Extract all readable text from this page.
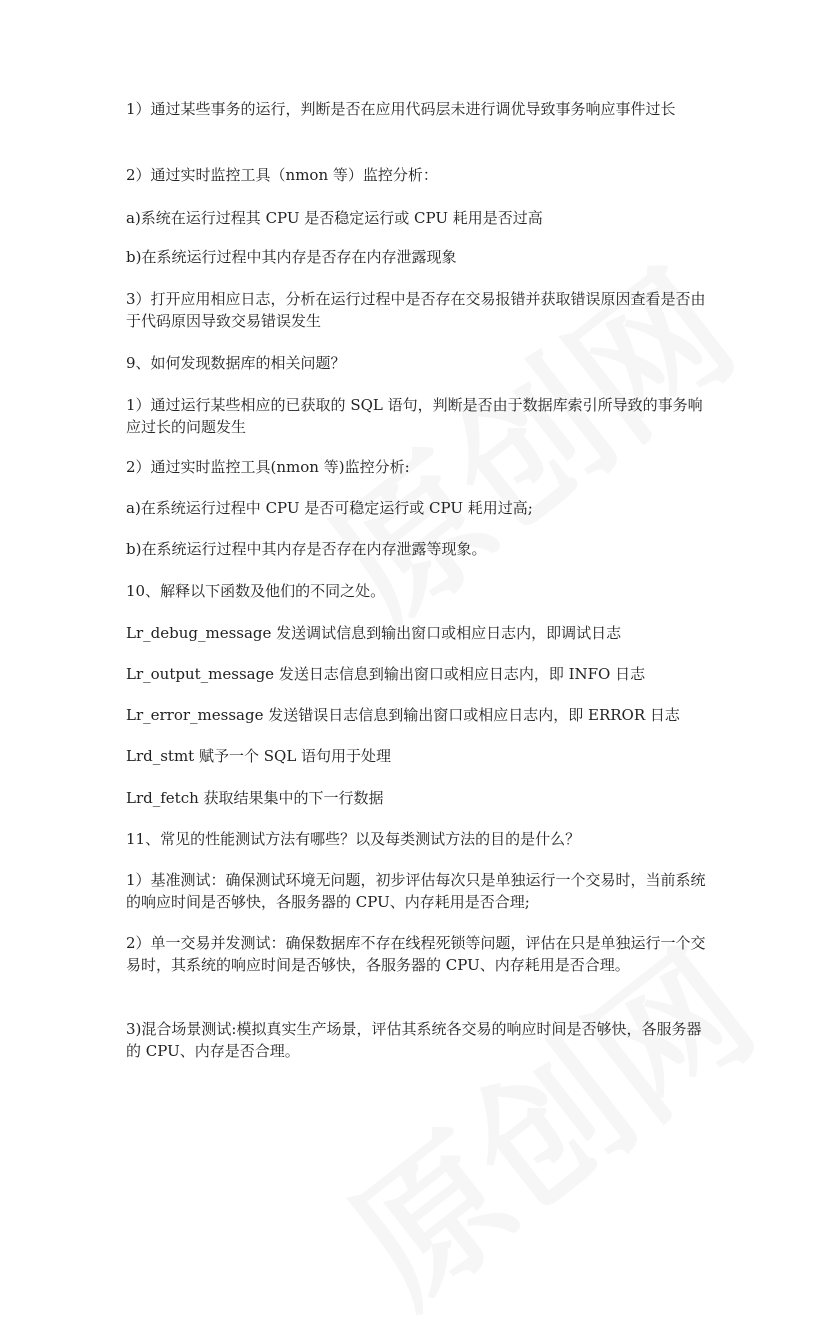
1）通过某些事务的运行，判断是否在应用代码层未进行调优导致事务响应事件过长
2）通过实时监控工具（nmon 等）监控分析：
a)系统在运行过程其 CPU 是否稳定运行或 CPU 耗用是否过高
b)在系统运行过程中其内存是否存在内存泄露现象
3）打开应用相应日志，分析在运行过程中是否存在交易报错并获取错误原因查看是否由于代码原因导致交易错误发生
9、如何发现数据库的相关问题？
1）通过运行某些相应的已获取的 SQL 语句，判断是否由于数据库索引所导致的事务响应过长的问题发生
2）通过实时监控工具(nmon 等)监控分析:
a)在系统运行过程中 CPU 是否可稳定运行或 CPU 耗用过高;
b)在系统运行过程中其内存是否存在内存泄露等现象。
10、解释以下函数及他们的不同之处。
Lr_debug_message 发送调试信息到输出窗口或相应日志内，即调试日志
Lr_output_message 发送日志信息到输出窗口或相应日志内，即 INFO 日志
Lr_error_message 发送错误日志信息到输出窗口或相应日志内，即 ERROR 日志
Lrd_stmt 赋予一个 SQL 语句用于处理
Lrd_fetch 获取结果集中的下一行数据
11、常见的性能测试方法有哪些？以及每类测试方法的目的是什么？
1）基准测试：确保测试环境无问题，初步评估每次只是单独运行一个交易时，当前系统的响应时间是否够快，各服务器的 CPU、内存耗用是否合理;
2）单一交易并发测试：确保数据库不存在线程死锁等问题，评估在只是单独运行一个交易时，其系统的响应时间是否够快，各服务器的 CPU、内存耗用是否合理。
3)混合场景测试:模拟真实生产场景，评估其系统各交易的响应时间是否够快，各服务器的 CPU、内存是否合理。
